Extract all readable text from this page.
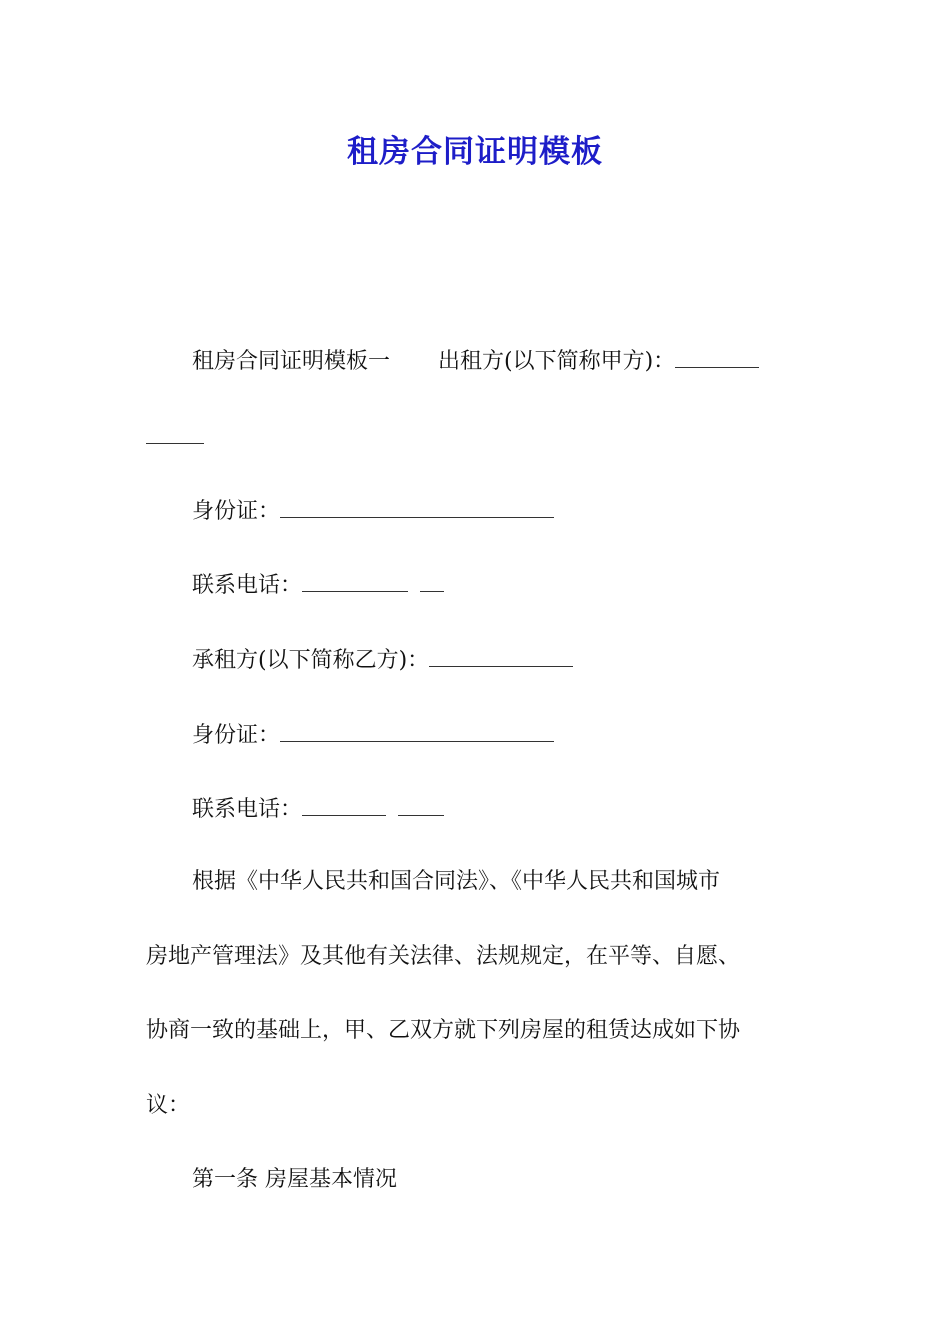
租房合同证明模板
租房合同证明模板一 出租方(以下简称甲方)：
身份证：
联系电话：
承租方(以下简称乙方)：
身份证：
联系电话：
根据《中华人民共和国合同法》、《中华人民共和国城市
房地产管理法》及其他有关法律、法规规定，在平等、自愿、
协商一致的基础上，甲、乙双方就下列房屋的租赁达成如下协
议：
第一条 房屋基本情况
